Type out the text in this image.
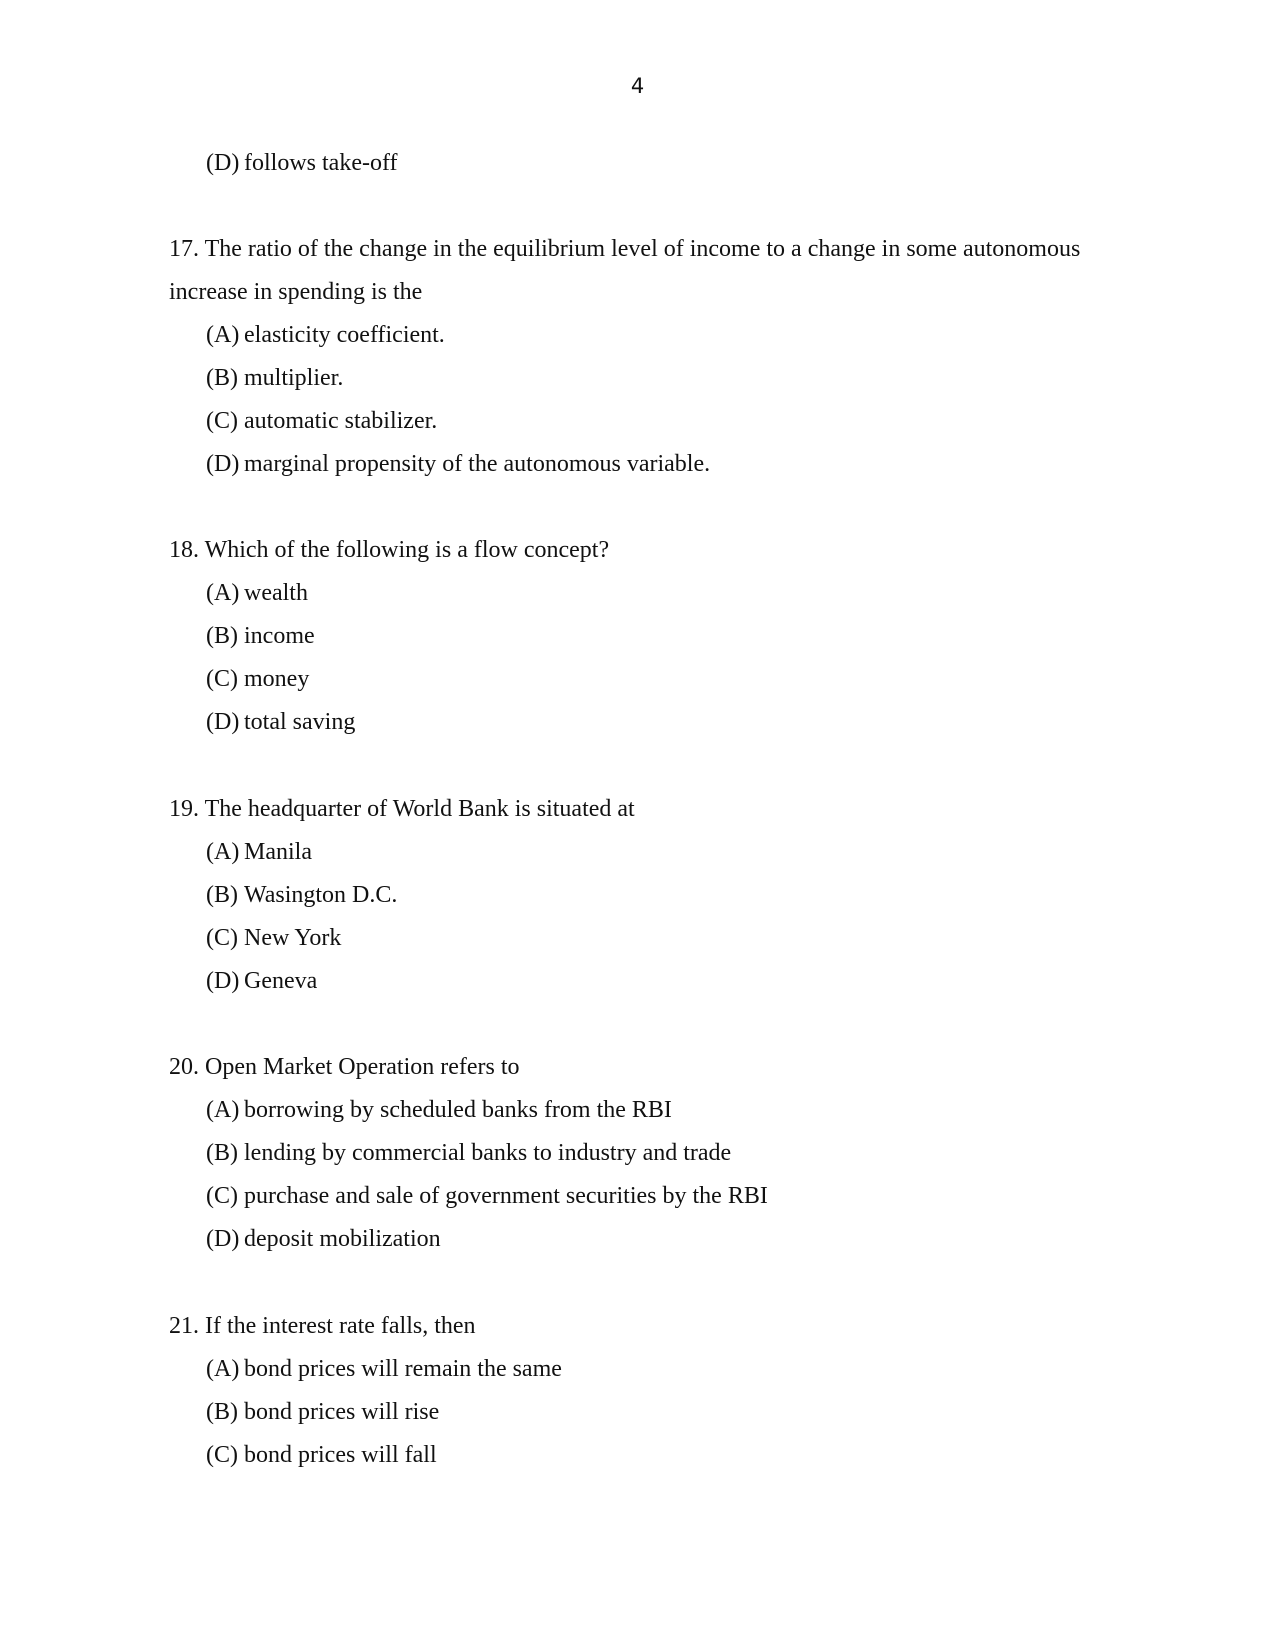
4
(D) follows take-off
17. The ratio of the change in the equilibrium level of income to a change in some autonomous
increase in spending is the
(A) elasticity coefficient.
(B) multiplier.
(C) automatic stabilizer.
(D) marginal propensity of the autonomous variable.
18. Which of the following is a flow concept?
(A) wealth
(B) income
(C) money
(D) total saving
19. The headquarter of World Bank is situated at
(A) Manila
(B) Wasington D.C.
(C) New York
(D) Geneva
20. Open Market Operation refers to
(A) borrowing by scheduled banks from the RBI
(B) lending by commercial banks to industry and trade
(C) purchase and sale of government securities by the RBI
(D) deposit mobilization
21. If the interest rate falls, then
(A) bond prices will remain the same
(B) bond prices will rise
(C) bond prices will fall
